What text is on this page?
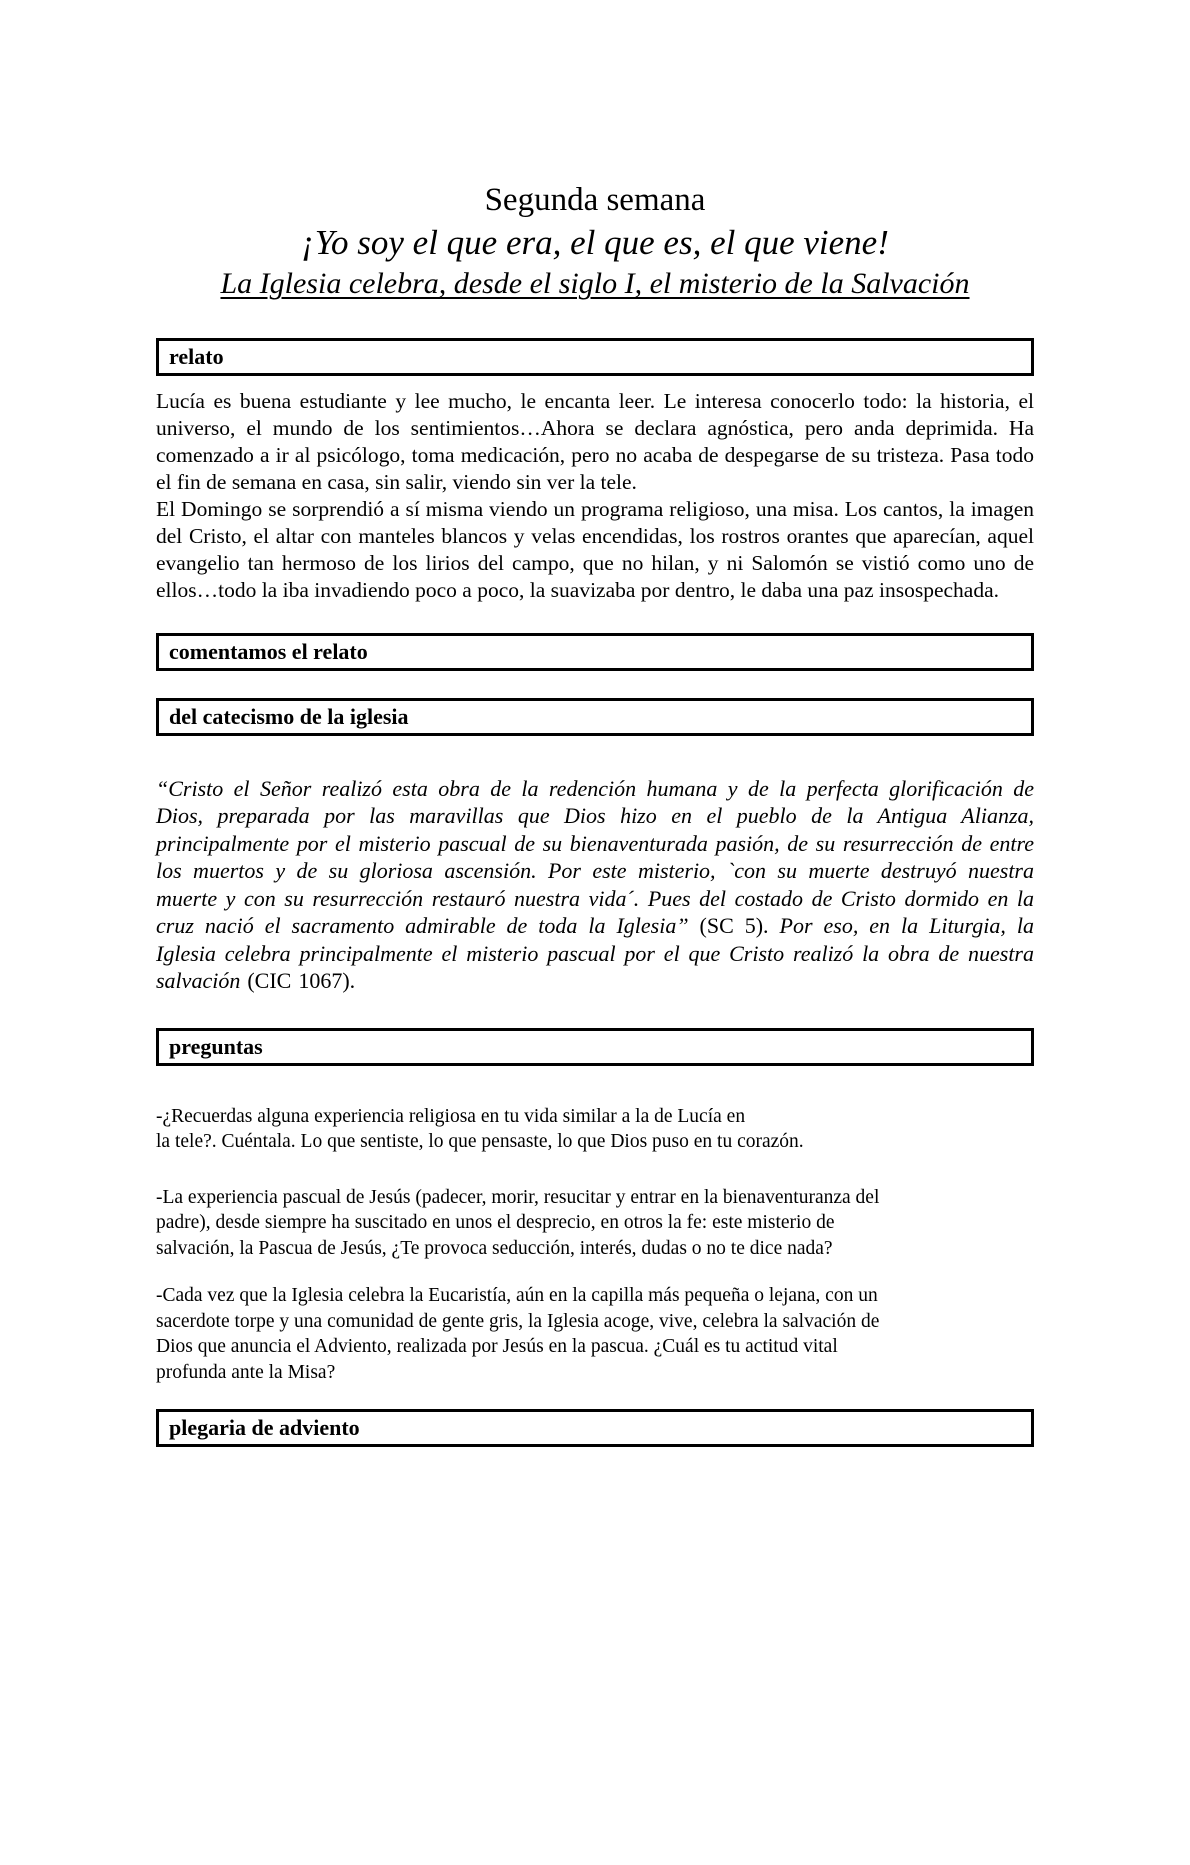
Segunda semana
¡Yo soy el que era, el que es, el que viene!
La Iglesia celebra, desde el siglo I, el misterio de la Salvación
relato

Lucía es buena estudiante y lee mucho, le encanta leer. Le interesa conocerlo todo: la historia, el universo, el mundo de los sentimientos…Ahora se declara agnóstica, pero anda deprimida. Ha comenzado a ir al psicólogo, toma medicación, pero no acaba de despegarse de su tristeza. Pasa todo el fin de semana en casa, sin salir, viendo sin ver la tele.

El Domingo se sorprendió a sí misma viendo un programa religioso, una misa. Los cantos, la imagen del Cristo, el altar con manteles blancos y velas encendidas, los rostros orantes que aparecían, aquel evangelio tan hermoso de los lirios del campo, que no hilan, y ni Salomón se vistió como uno de ellos…todo la iba invadiendo poco a poco, la suavizaba por dentro, le daba una paz insospechada.

comentamos el relato
del catecismo de la iglesia

“Cristo el Señor realizó esta obra de la redención humana y de la perfecta glorificación de Dios, preparada por las maravillas que Dios hizo en el pueblo de la Antigua Alianza, principalmente por el misterio pascual de su bienaventurada pasión, de su resurrección de entre los muertos y de su gloriosa ascensión. Por este misterio, `con su muerte destruyó nuestra muerte y con su resurrección restauró nuestra vida´. Pues del costado de Cristo dormido en la cruz nació el sacramento admirable de toda la Iglesia” (SC 5). Por eso, en la Liturgia, la Iglesia celebra principalmente el misterio pascual por el que Cristo realizó la obra de nuestra salvación (CIC 1067).

preguntas
-¿Recuerdas alguna experiencia religiosa en tu vida similar a la de Lucía en
la tele?. Cuéntala. Lo que sentiste, lo que pensaste, lo que Dios puso en tu corazón.
-La experiencia pascual de Jesús (padecer, morir, resucitar y entrar en la bienaventuranza del
padre), desde siempre ha suscitado en unos el desprecio, en otros la fe: este misterio de
salvación, la Pascua de Jesús, ¿Te provoca seducción, interés, dudas o no te dice nada?
-Cada vez que la Iglesia celebra la Eucaristía, aún en la capilla más pequeña o lejana, con un
sacerdote torpe y una comunidad de gente gris, la Iglesia acoge, vive, celebra la salvación de
Dios que anuncia el Adviento, realizada por Jesús en la pascua. ¿Cuál es tu actitud vital
profunda ante la Misa?
plegaria de adviento
